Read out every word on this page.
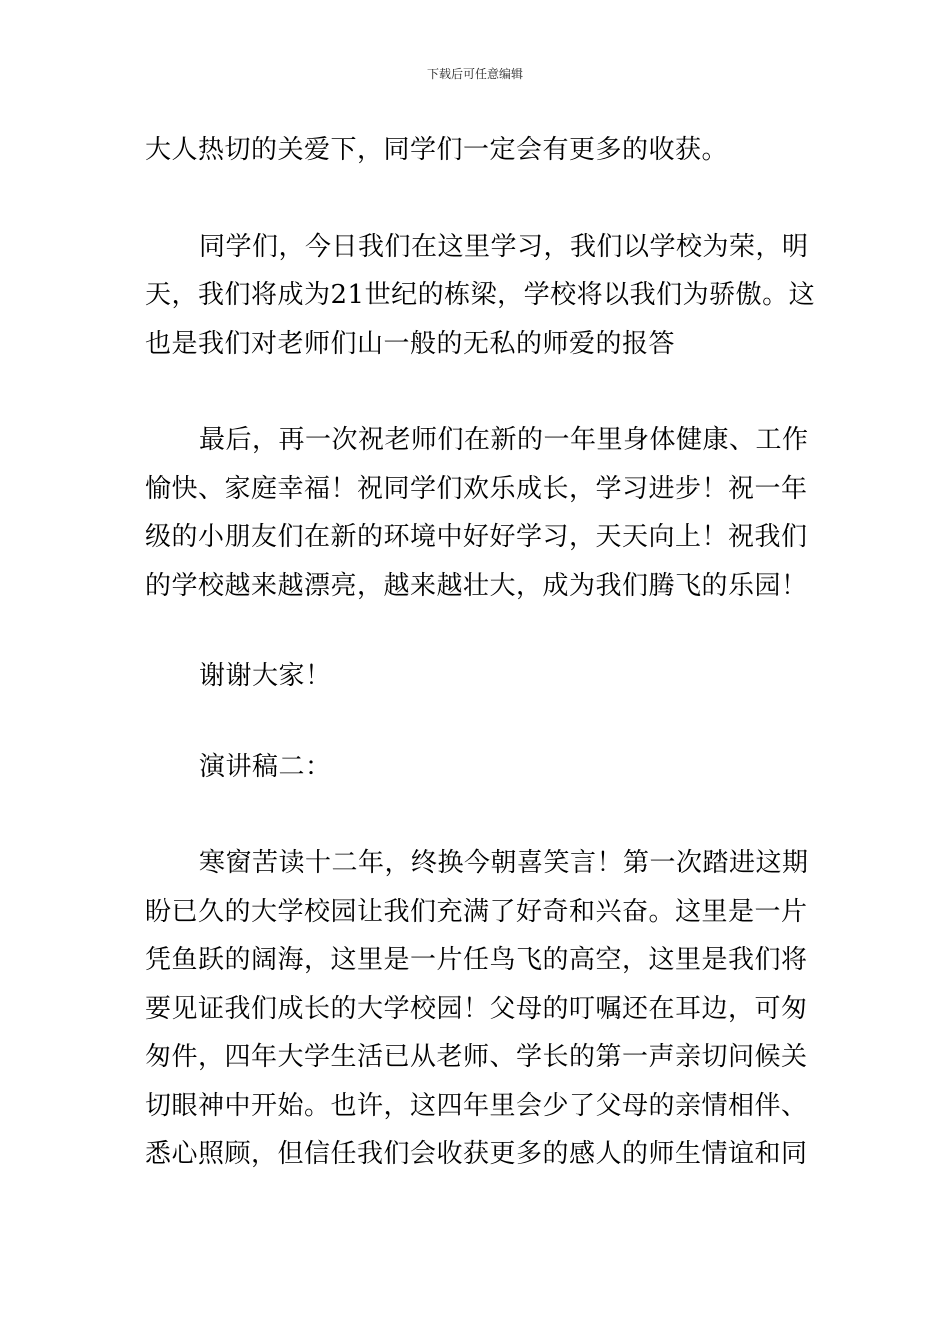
下载后可任意编辑

大人热切的关爱下，同学们一定会有更多的收获。

同学们，今日我们在这里学习，我们以学校为荣，明
天，我们将成为21世纪的栋梁，学校将以我们为骄傲。这
也是我们对老师们山一般的无私的师爱的报答

最后，再一次祝老师们在新的一年里身体健康、工作
愉快、家庭幸福！祝同学们欢乐成长，学习进步！祝一年
级的小朋友们在新的环境中好好学习，天天向上！祝我们
的学校越来越漂亮，越来越壮大，成为我们腾飞的乐园！

谢谢大家！

演讲稿二：

寒窗苦读十二年，终换今朝喜笑言！第一次踏进这期
盼已久的大学校园让我们充满了好奇和兴奋。这里是一片
凭鱼跃的阔海，这里是一片任鸟飞的高空，这里是我们将
要见证我们成长的大学校园！父母的叮嘱还在耳边，可匆
匆件，四年大学生活已从老师、学长的第一声亲切问候关
切眼神中开始。也许，这四年里会少了父母的亲情相伴、
悉心照顾，但信任我们会收获更多的感人的师生情谊和同
